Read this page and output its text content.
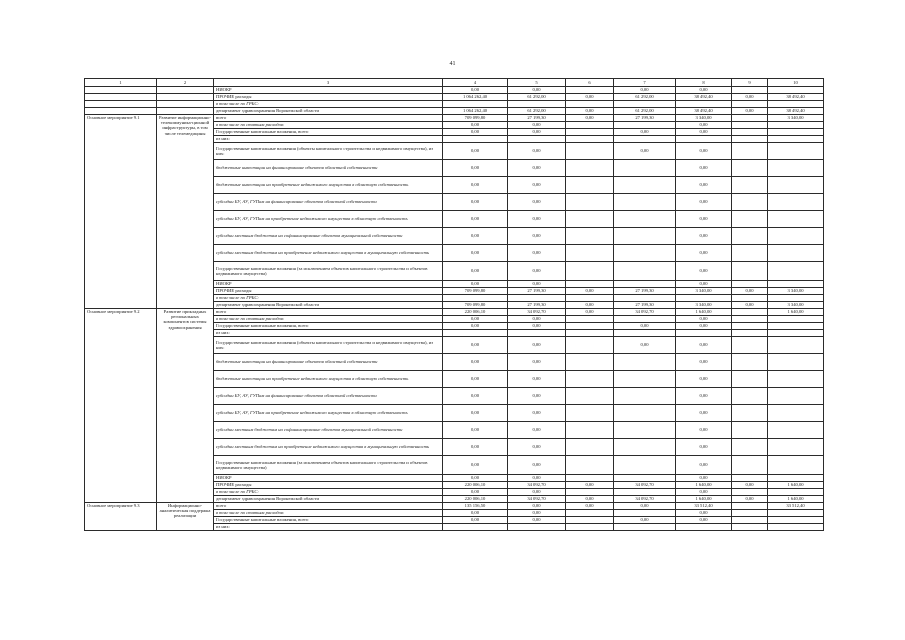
41
1	2	3	4	5	6	7	8	9	10
		НИОКР	0,00	0,00		0,00	0,00		
		ПРОЧИЕ расходы	1 064 262,40	61 292,00	0,00	61 292,00	38 492,40	0,00	38 492,40
		в том числе по ГРБС:							
		департамент здравоохранения Воронежской области	1 064 262,40	61 292,00	0,00	61 292,00	38 492,40	0,00	38 492,40
Основное мероприятие 9.1	Развитие информационно-телекоммуника-ционной инфраструктуры, в том числе телемедицины	всего	709 099,80	27 199,30	0,00	27 199,30	3 340,00		3 340,00
		в том числе по статьям расходов:	0,00	0,00			0,00		
		Государственные капитальные вложения, всего	0,00	0,00		0,00	0,00		
		из них:							
		Государственные капитальные вложения (объекты капитального строительства и недвижимого имущества), из них:	0,00	0,00		0,00	0,00		
		бюджетные инвестиции на финансирование объектов областной собственности	0,00	0,00			0,00		
		бюджетные инвестиции на приобретение недвижимого имущества в областную собственность	0,00	0,00			0,00		
		субсидии БУ, АУ, ГУПам на финансирование объектов областной собственности	0,00	0,00			0,00		
		субсидии БУ, АУ, ГУПам на приобретение недвижимого имущества в областную собственность	0,00	0,00			0,00		
		субсидии местным бюджетам на софинансирование объектов муниципальной собственности	0,00	0,00			0,00		
		субсидии местным бюджетам на приобретение недвижимого имущества в муниципальную собственность	0,00	0,00			0,00		
		Государственные капитальные вложения (за исключением объектов капитального строительства и объектов недвижимого имущества)	0,00	0,00			0,00		
		НИОКР	0,00	0,00			0,00		
		ПРОЧИЕ расходы	709 099,80	27 199,30	0,00	27 199,30	3 340,00	0,00	3 340,00
		в том числе по ГРБС:							
		департамент здравоохранения Воронежской области	709 099,80	27 199,30	0,00	27 199,30	3 340,00	0,00	3 340,00
Основное мероприятие 9.2	Развитие прикладных региональных компонентов системы здравоохранения	всего	220 006,10	34 092,70	0,00	34 092,70	1 640,00		1 640,00
		в том числе по статьям расходов:	0,00	0,00			0,00		
		Государственные капитальные вложения, всего	0,00	0,00		0,00	0,00		
		из них:							
		Государственные капитальные вложения (объекты капитального строительства и недвижимого имущества), из них:	0,00	0,00		0,00	0,00		
		бюджетные инвестиции на финансирование объектов областной собственности	0,00	0,00			0,00		
		бюджетные инвестиции на приобретение недвижимого имущества в областную собственность	0,00	0,00			0,00		
		субсидии БУ, АУ, ГУПам на финансирование объектов областной собственности	0,00	0,00			0,00		
		субсидии БУ, АУ, ГУПам на приобретение недвижимого имущества в областную собственность	0,00	0,00			0,00		
		субсидии местным бюджетам на софинансирование объектов муниципальной собственности	0,00	0,00			0,00		
		субсидии местным бюджетам на приобретение недвижимого имущества в муниципальную собственность	0,00	0,00			0,00		
		Государственные капитальные вложения (за исключением объектов капитального строительства и объектов недвижимого имущества)	0,00	0,00			0,00		
		НИОКР	0,00	0,00			0,00		
		ПРОЧИЕ расходы	220 006,10	34 092,70	0,00	34 092,70	1 640,00	0,00	1 640,00
		в том числе по ГРБС:	0,00	0,00			0,00		
		департамент здравоохранения Воронежской области	220 006,10	34 092,70	0,00	34 092,70	1 640,00	0,00	1 640,00
Основное мероприятие 9.3	Информационно-аналитическая поддержка реализации	всего	135 156,50	0,00	0,00	0,00	33 512,40		33 512,40
		в том числе по статьям расходов:	0,00	0,00			0,00		
		Государственные капитальные вложения, всего	0,00	0,00		0,00	0,00		
		из них:							
